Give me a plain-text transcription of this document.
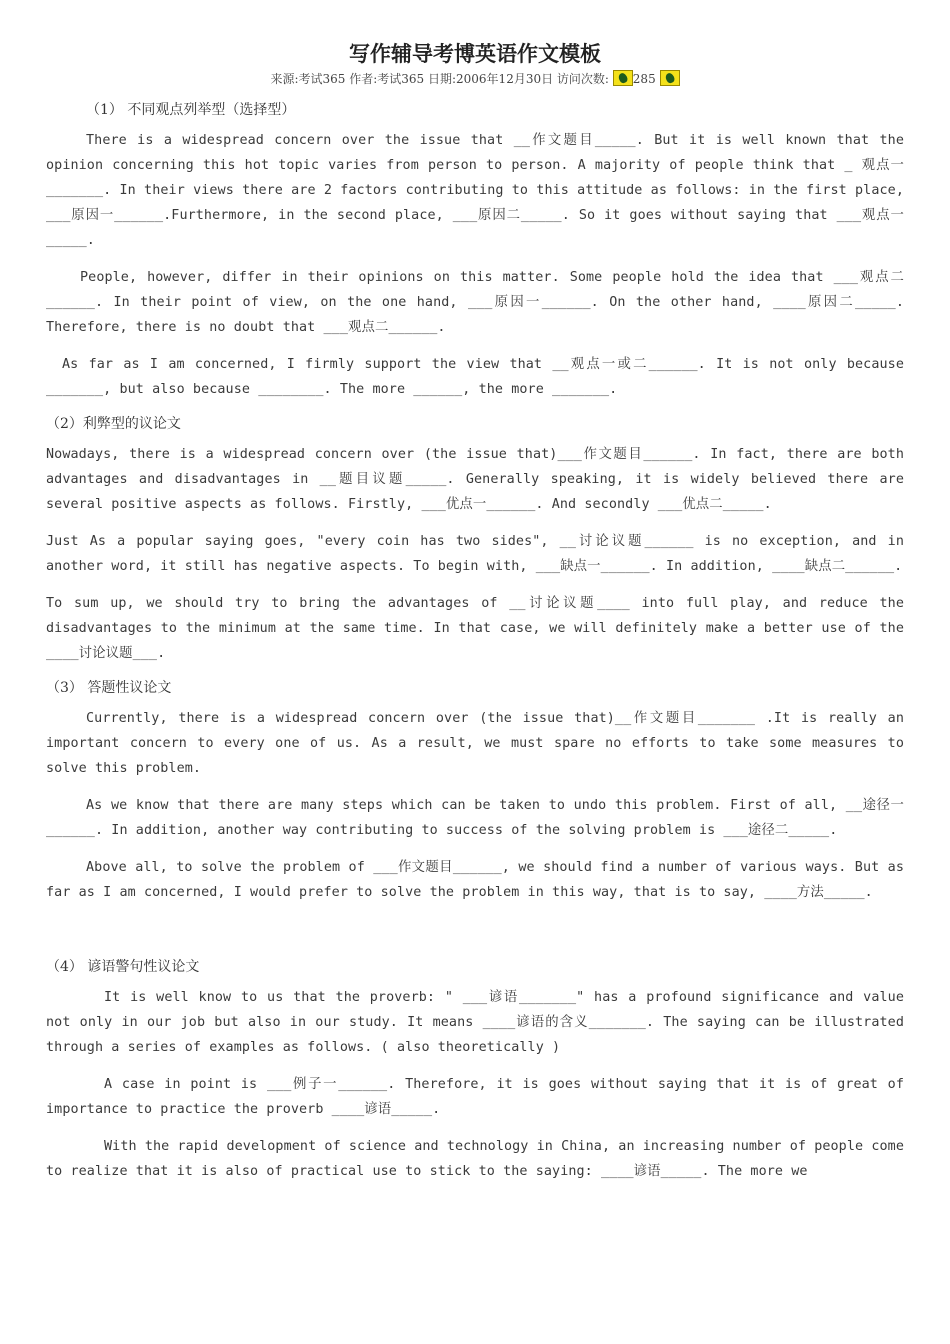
写作辅导考博英语作文模板
来源:考试365 作者:考试365 日期:2006年12月30日 访问次数: 285
（1） 不同观点列举型（选择型）

There is a widespread concern over the issue that __作文题目_____. But it is well known that the opinion concerning this hot topic varies from person to person. A majority of people think that _ 观点一_______. In their views there are 2 factors contributing to this attitude as follows: in the first place, ___原因一______.Furthermore, in the second place, ___原因二_____. So it goes without saying that ___观点一_____.

People, however, differ in their opinions on this matter. Some people hold the idea that ___观点二______. In their point of view, on the one hand, ___原因一______. On the other hand, ____原因二_____. Therefore, there is no doubt that ___观点二______.

As far as I am concerned, I firmly support the view that __观点一或二______. It is not only because _______, but also because ________. The more ______, the more _______.

（2）利弊型的议论文

Nowadays, there is a widespread concern over (the issue that)___作文题目______. In fact, there are both advantages and disadvantages in __题目议题_____. Generally speaking, it is widely believed there are several positive aspects as follows. Firstly, ___优点一______. And secondly ___优点二_____.

Just As a popular saying goes, "every coin has two sides", __讨论议题______ is no exception, and in another word, it still has negative aspects. To begin with, ___缺点一______. In addition, ____缺点二______.

To sum up, we should try to bring the advantages of __讨论议题____ into full play, and reduce the disadvantages to the minimum at the same time. In that case, we will definitely make a better use of the ____讨论议题___.

（3） 答题性议论文

Currently, there is a widespread concern over (the issue that)__作文题目_______ .It is really an important concern to every one of us. As a result, we must spare no efforts to take some measures to solve this problem.

As we know that there are many steps which can be taken to undo this problem. First of all, __途径一______. In addition, another way contributing to success of the solving problem is ___途径二_____.

Above all, to solve the problem of ___作文题目______, we should find a number of various ways. But as far as I am concerned, I would prefer to solve the problem in this way, that is to say, ____方法_____.

（4） 谚语警句性议论文

It is well know to us that the proverb: " ___谚语_______" has a profound significance and value not only in our job but also in our study. It means ____谚语的含义_______. The saying can be illustrated through a series of examples as follows. ( also theoretically )

A case in point is ___例子一______. Therefore, it is goes without saying that it is of great of importance to practice the proverb ____谚语_____.

With the rapid development of science and technology in China, an increasing number of people come to realize that it is also of practical use to stick to the saying: ____谚语_____. The more we
